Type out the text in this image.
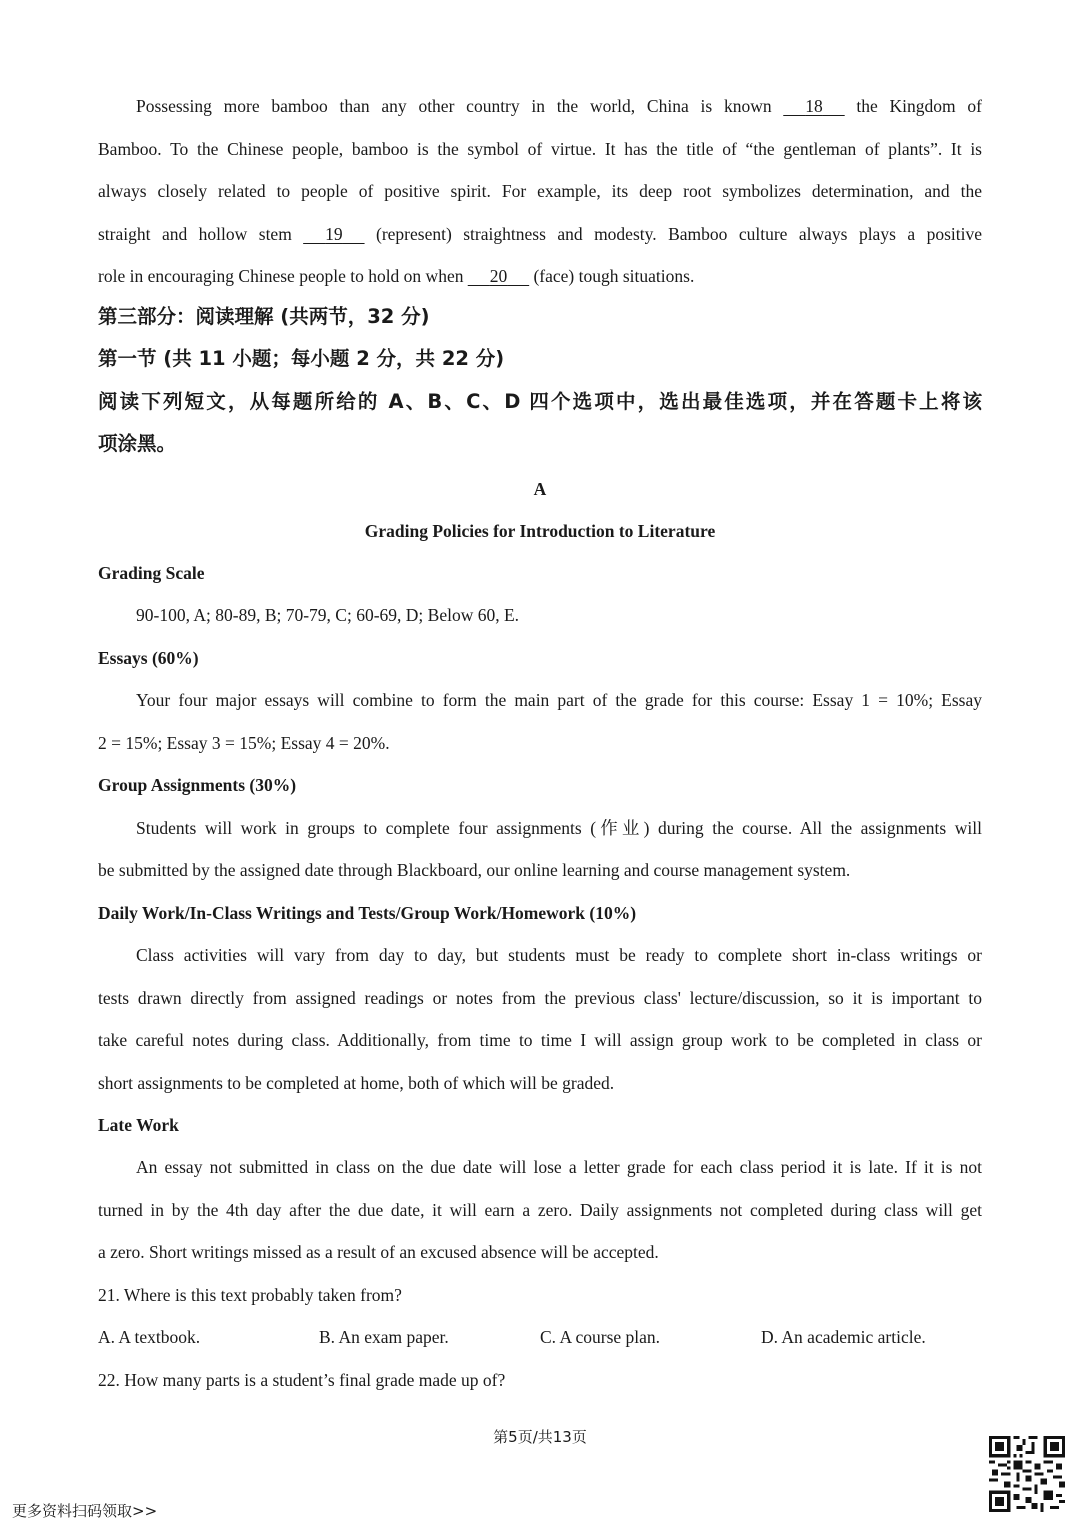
Possessing more bamboo than any other country in the world, China is known 18 the Kingdom of
Bamboo. To the Chinese people, bamboo is the symbol of virtue. It has the title of “the gentleman of plants”. It is
always closely related to people of positive spirit. For example, its deep root symbolizes determination, and the
straight and hollow stem 19 (represent) straightness and modesty. Bamboo culture always plays a positive
role in encouraging Chinese people to hold on when 20 (face) tough situations.
第三部分：阅读理解 (共两节，32 分)
第一节 (共 11 小题；每小题 2 分，共 22 分)
阅读下列短文，从每题所给的 A、B、C、D 四个选项中，选出最佳选项，并在答题卡上将该
项涂黑。
A
Grading Policies for Introduction to Literature
Grading Scale
90-100, A; 80-89, B; 70-79, C; 60-69, D; Below 60, E.
Essays (60%)
Your four major essays will combine to form the main part of the grade for this course: Essay 1 = 10%; Essay
2 = 15%; Essay 3 = 15%; Essay 4 = 20%.
Group Assignments (30%)
Students will work in groups to complete four assignments (作业) during the course. All the assignments will
be submitted by the assigned date through Blackboard, our online learning and course management system.
Daily Work/In-Class Writings and Tests/Group Work/Homework (10%)
Class activities will vary from day to day, but students must be ready to complete short in-class writings or
tests drawn directly from assigned readings or notes from the previous class' lecture/discussion, so it is important to
take careful notes during class. Additionally, from time to time I will assign group work to be completed in class or
short assignments to be completed at home, both of which will be graded.
Late Work
An essay not submitted in class on the due date will lose a letter grade for each class period it is late. If it is not
turned in by the 4th day after the due date, it will earn a zero. Daily assignments not completed during class will get
a zero. Short writings missed as a result of an excused absence will be accepted.
21. Where is this text probably taken from?
A. A textbook.	B. An exam paper.	C. A course plan.	D. An academic article.
22. How many parts is a student’s final grade made up of?
第5页/共13页
更多资料扫码领取>>
